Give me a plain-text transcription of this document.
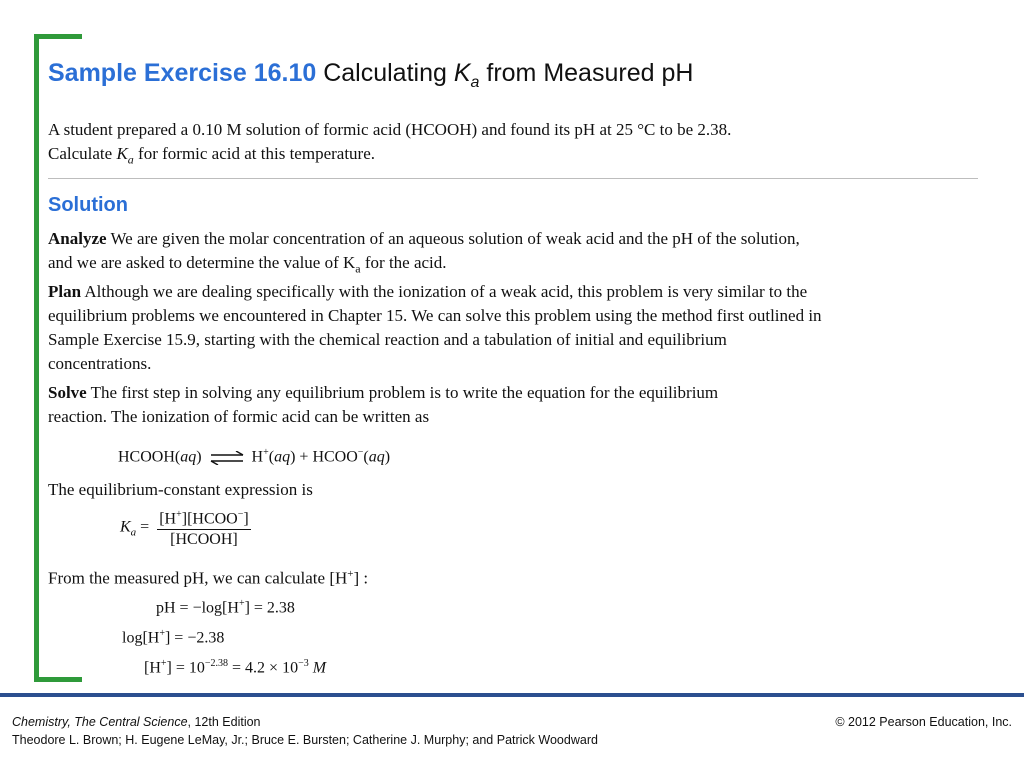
Sample Exercise 16.10 Calculating $K_a$ from Measured pH
A student prepared a 0.10 M solution of formic acid (HCOOH) and found its pH at 25 °C to be 2.38.
Calculate $K_a$ for formic acid at this temperature.
Solution
Analyze We are given the molar concentration of an aqueous solution of weak acid and the pH of the solution,
and we are asked to determine the value of $K_a$ for the acid.
Plan Although we are dealing specifically with the ionization of a weak acid, this problem is very similar to the
equilibrium problems we encountered in Chapter 15. We can solve this problem using the method first outlined in
Sample Exercise 15.9, starting with the chemical reaction and a tabulation of initial and equilibrium
concentrations.
Solve The first step in solving any equilibrium problem is to write the equation for the equilibrium
reaction. The ionization of formic acid can be written as
HCOOH(aq) ⇌ H+(aq) + HCOO−(aq)
The equilibrium-constant expression is
$K_a = \frac{[H^+][HCOO^-]}{\text{[HCOOH]}}$
From the measured pH, we can calculate [H+] :
pH = −log[H+] = 2.38
log[H+] = −2.38
$[H^+] = 10^{-2.38} = 4.2 \times 10^{-3}$ M
Chemistry, The Central Science, 12th Edition
Theodore L. Brown; H. Eugene LeMay, Jr.; Bruce E. Bursten; Catherine J. Murphy; and Patrick Woodward
© 2012 Pearson Education, Inc.
